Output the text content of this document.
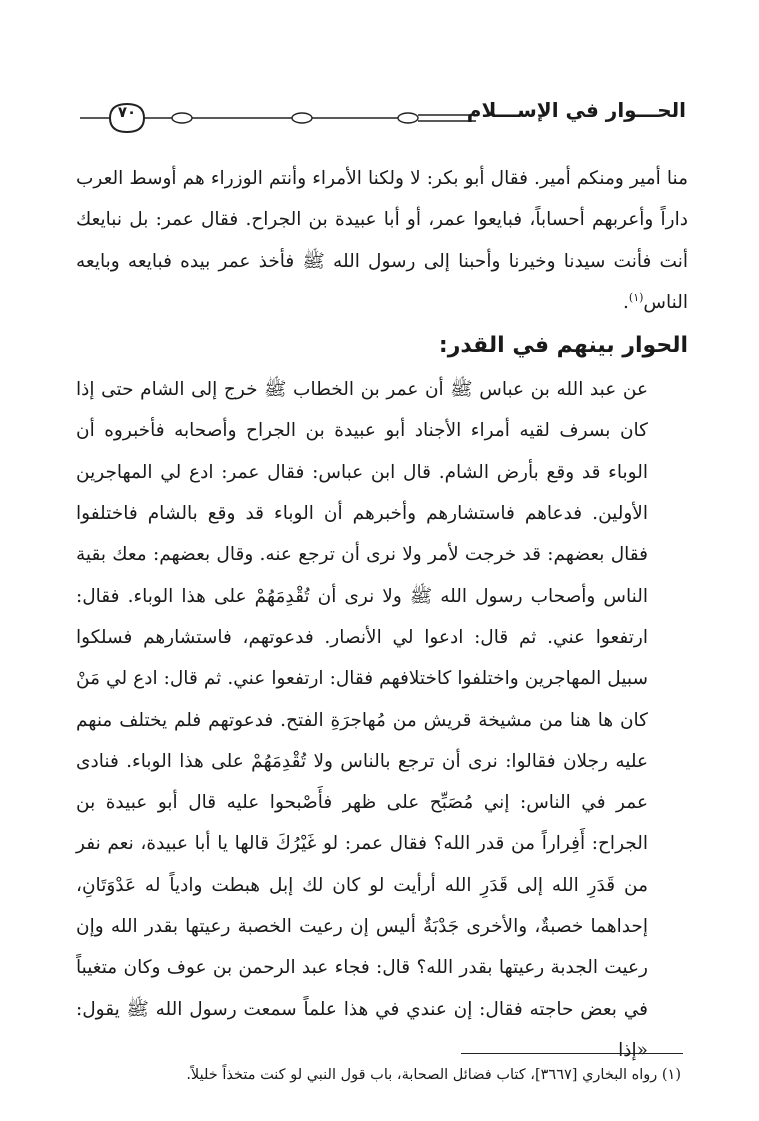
٧٠	الحـــوار في الإســـلام

منا أمير ومنكم أمير. فقال أبو بكر: لا ولكنا الأمراء وأنتم الوزراء هم أوسط العرب داراً وأعربهم أحساباً، فبايعوا عمر، أو أبا عبيدة بن الجراح. فقال عمر: بل نبايعك أنت فأنت سيدنا وخيرنا وأحبنا إلى رسول الله ﷺ فأخذ عمر بيده فبايعه وبايعه الناس$^{(١)}$.

الحوار بينهم في القدر:

عن عبد الله بن عباس ﷺ أن عمر بن الخطاب ﷺ خرج إلى الشام حتى إذا كان بسرف لقيه أمراء الأجناد أبو عبيدة بن الجراح وأصحابه فأخبروه أن الوباء قد وقع بأرض الشام. قال ابن عباس: فقال عمر: ادع لي المهاجرين الأولين. فدعاهم فاستشارهم وأخبرهم أن الوباء قد وقع بالشام فاختلفوا فقال بعضهم: قد خرجت لأمر ولا نرى أن ترجع عنه. وقال بعضهم: معك بقية الناس وأصحاب رسول الله ﷺ ولا نرى أن تُقْدِمَهُمْ على هذا الوباء. فقال: ارتفعوا عني. ثم قال: ادعوا لي الأنصار. فدعوتهم، فاستشارهم فسلكوا سبيل المهاجرين واختلفوا كاختلافهم فقال: ارتفعوا عني. ثم قال: ادع لي مَنْ كان ها هنا من مشيخة قريش من مُهاجرَةِ الفتح. فدعوتهم فلم يختلف منهم عليه رجلان فقالوا: نرى أن ترجع بالناس ولا تُقْدِمَهُمْ على هذا الوباء. فنادى عمر في الناس: إني مُصَبِّح على ظهر فأَصْبحوا عليه قال أبو عبيدة بن الجراح: أَفِراراً من قدر الله؟ فقال عمر: لو غَيْرُكَ قالها يا أبا عبيدة، نعم نفر من قَدَرِ الله إلى قَدَرِ الله أرأيت لو كان لك إبل هبطت وادياً له عَدْوَتَانِ، إحداهما خصبةٌ، والأخرى جَدْبَةٌ أليس إن رعيت الخصبة رعيتها بقدر الله وإن رعيت الجدبة رعيتها بقدر الله؟ قال: فجاء عبد الرحمن بن عوف وكان متغيباً في بعض حاجته فقال: إن عندي في هذا علماً سمعت رسول الله ﷺ يقول: «إذا

(١) رواه البخاري [٣٦٦٧]، كتاب فضائل الصحابة، باب قول النبي لو كنت متخذاً خليلاً.
